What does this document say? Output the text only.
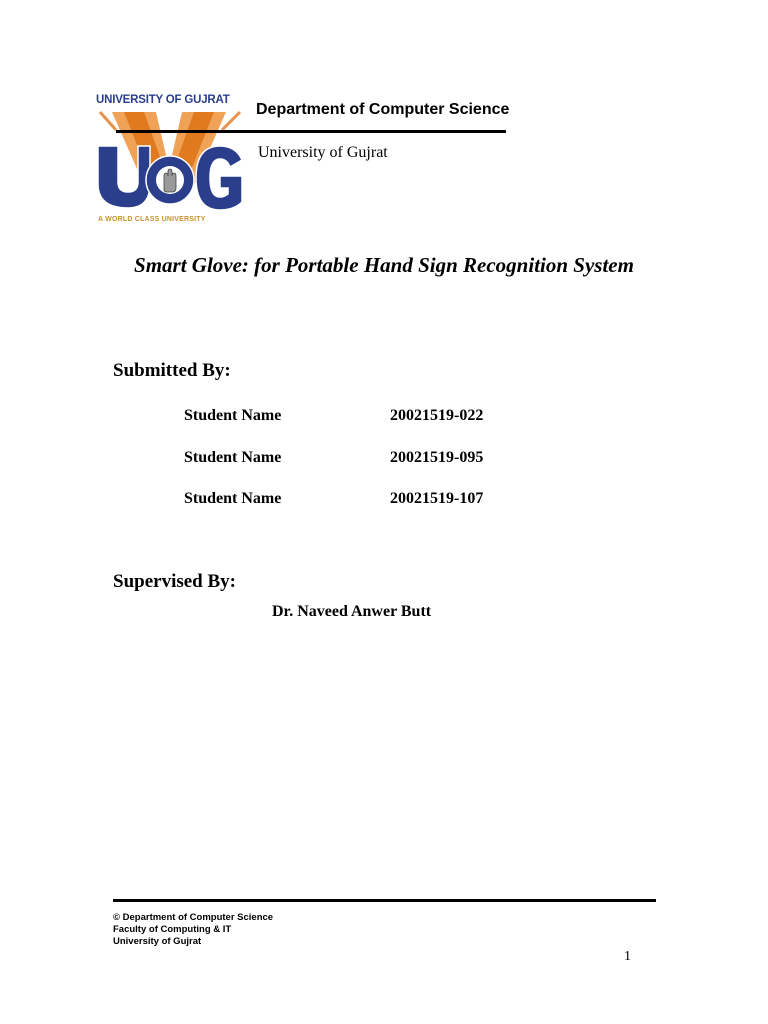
UNIVERSITY OF GUJRAT
A WORLD CLASS UNIVERSITY
Department of Computer Science
University of Gujrat
Smart Glove: for Portable Hand Sign Recognition System
Submitted By:
Student Name	20021519-022
Student Name	20021519-095
Student Name	20021519-107
Supervised By:
Dr. Naveed Anwer Butt
© Department of Computer Science
Faculty of Computing & IT
University of Gujrat
1
